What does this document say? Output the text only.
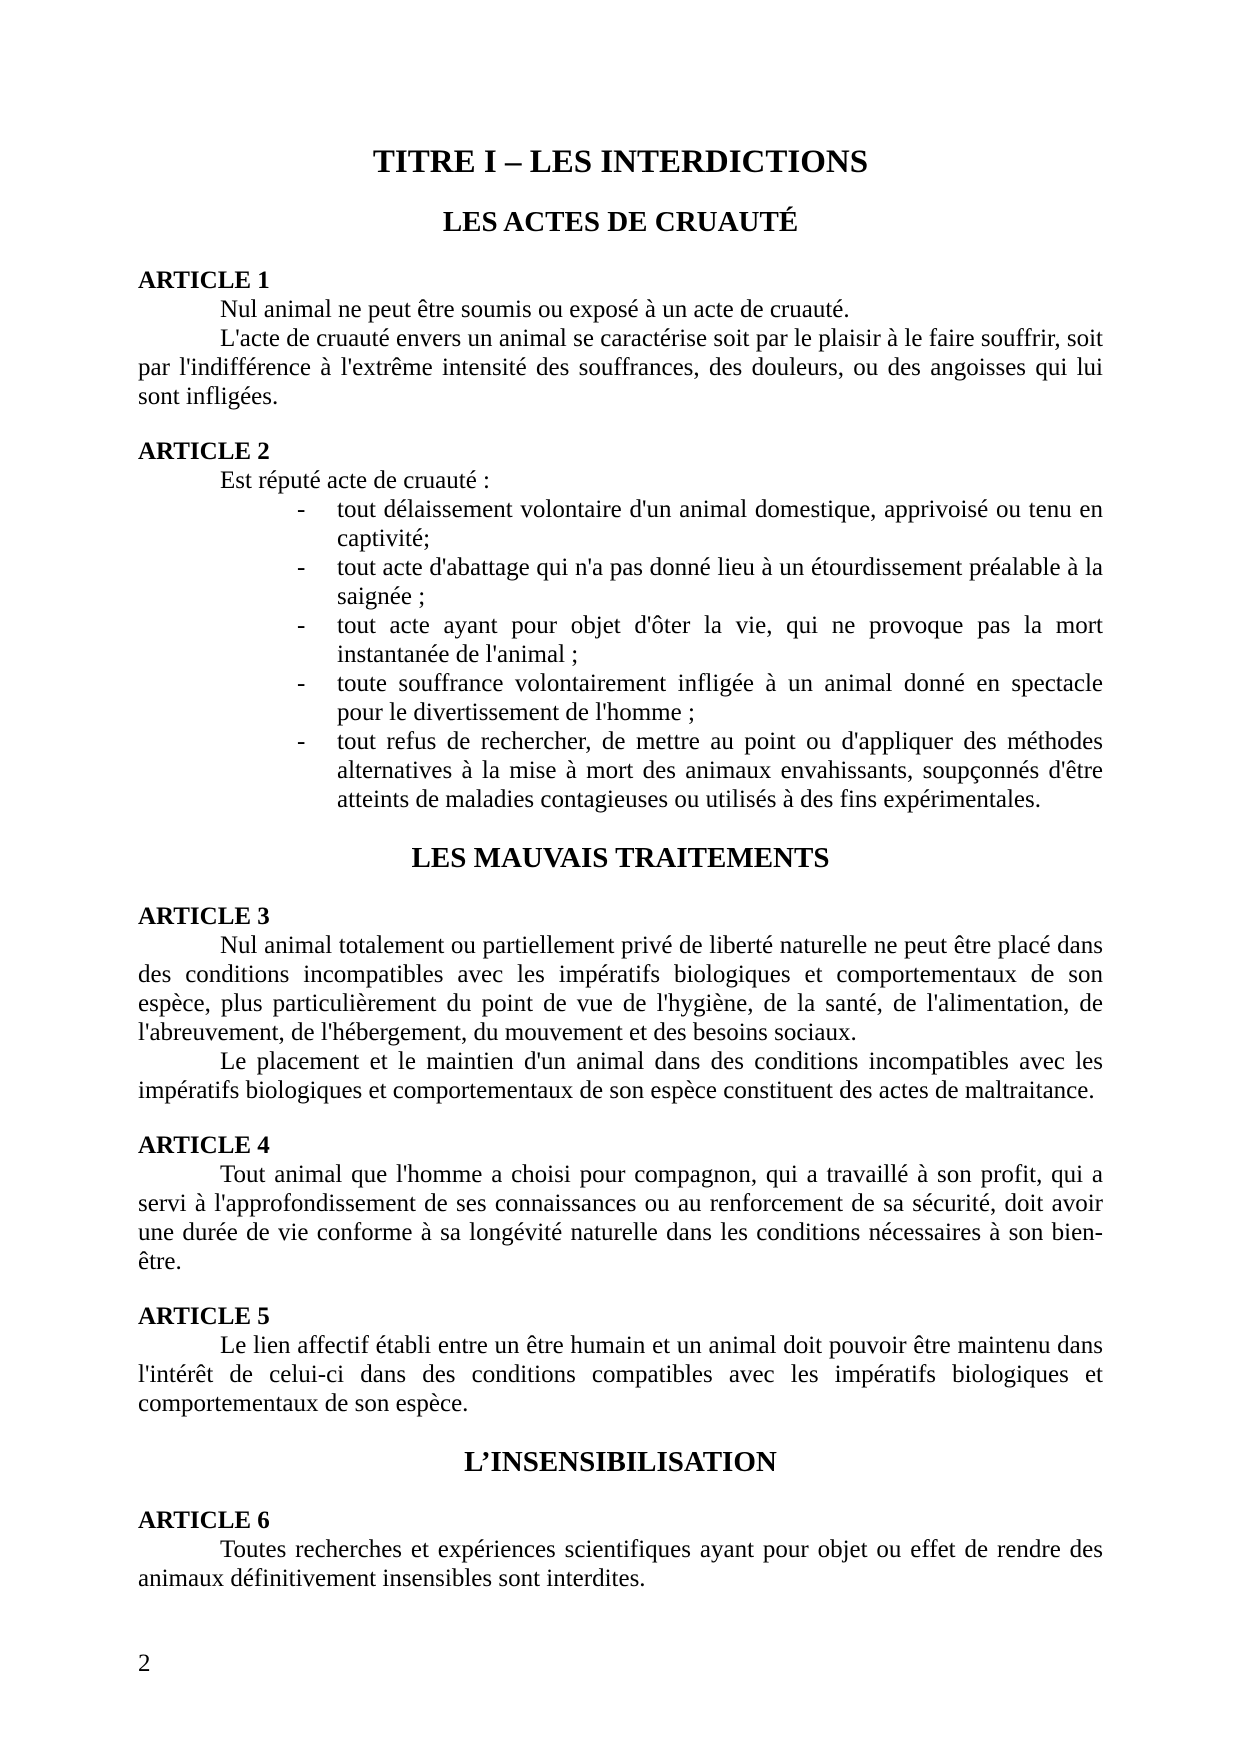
TITRE I – LES INTERDICTIONS
LES ACTES DE CRUAUTÉ
ARTICLE 1

Nul animal ne peut être soumis ou exposé à un acte de cruauté.

L'acte de cruauté envers un animal se caractérise soit par le plaisir à le faire souffrir, soit par l'indifférence à l'extrême intensité des souffrances, des douleurs, ou des angoisses qui lui sont infligées.

ARTICLE 2

Est réputé acte de cruauté :

- tout délaissement volontaire d'un animal domestique, apprivoisé ou tenu en captivité;
- tout acte d'abattage qui n'a pas donné lieu à un étourdissement préalable à la saignée ;
- tout acte ayant pour objet d'ôter la vie, qui ne provoque pas la mort instantanée de l'animal ;
- toute souffrance volontairement infligée à un animal donné en spectacle pour le divertissement de l'homme ;
- tout refus de rechercher, de mettre au point ou d'appliquer des méthodes alternatives à la mise à mort des animaux envahissants, soupçonnés d'être atteints de maladies contagieuses ou utilisés à des fins expérimentales.
LES MAUVAIS TRAITEMENTS
ARTICLE 3

Nul animal totalement ou partiellement privé de liberté naturelle ne peut être placé dans des conditions incompatibles avec les impératifs biologiques et comportementaux de son espèce, plus particulièrement du point de vue de l'hygiène, de la santé, de l'alimentation, de l'abreuvement, de l'hébergement, du mouvement et des besoins sociaux.

Le placement et le maintien d'un animal dans des conditions incompatibles avec les impératifs biologiques et comportementaux de son espèce constituent des actes de maltraitance.

ARTICLE 4

Tout animal que l'homme a choisi pour compagnon, qui a travaillé à son profit, qui a servi à l'approfondissement de ses connaissances ou au renforcement de sa sécurité, doit avoir une durée de vie conforme à sa longévité naturelle dans les conditions nécessaires à son bien-être.

ARTICLE 5

Le lien affectif établi entre un être humain et un animal doit pouvoir être maintenu dans l'intérêt de celui-ci dans des conditions compatibles avec les impératifs biologiques et comportementaux de son espèce.

L’INSENSIBILISATION
ARTICLE 6

Toutes recherches et expériences scientifiques ayant pour objet ou effet de rendre des animaux définitivement insensibles sont interdites.

2
